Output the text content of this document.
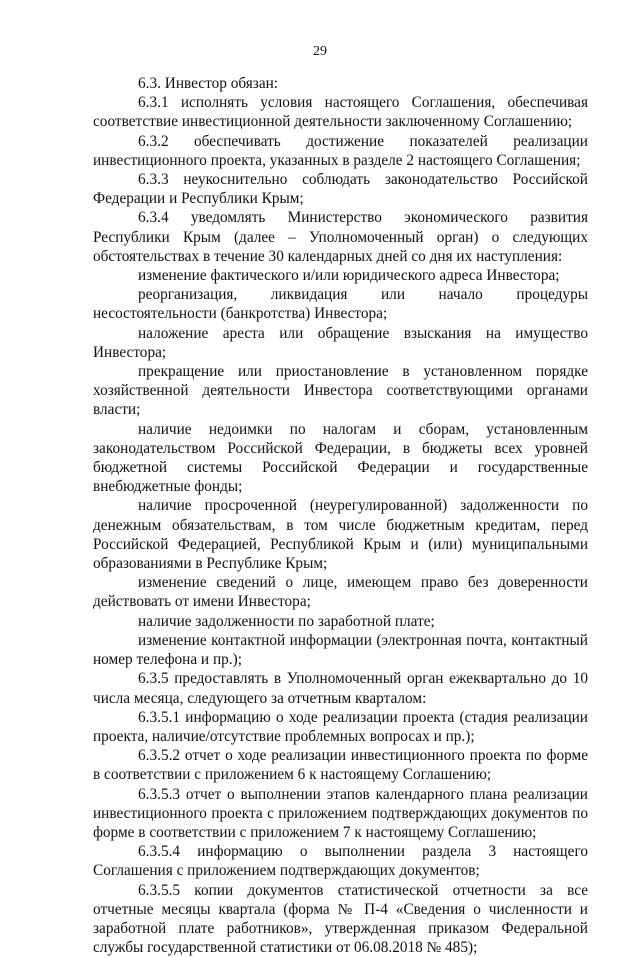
29

6.3. Инвестор обязан:

6.3.1 исполнять условия настоящего Соглашения, обеспечивая соответствие инвестиционной деятельности заключенному Соглашению;

6.3.2 обеспечивать достижение показателей реализации инвестиционного проекта, указанных в разделе 2 настоящего Соглашения;

6.3.3 неукоснительно соблюдать законодательство Российской Федерации и Республики Крым;

6.3.4 уведомлять Министерство экономического развития Республики Крым (далее – Уполномоченный орган) о следующих обстоятельствах в течение 30 календарных дней со дня их наступления:

изменение фактического и/или юридического адреса Инвестора;

реорганизация, ликвидация или начало процедуры несостоятельности (банкротства) Инвестора;

наложение ареста или обращение взыскания на имущество Инвестора;

прекращение или приостановление в установленном порядке хозяйственной деятельности Инвестора соответствующими органами власти;

наличие недоимки по налогам и сборам, установленным законодательством Российской Федерации, в бюджеты всех уровней бюджетной системы Российской Федерации и государственные внебюджетные фонды;

наличие просроченной (неурегулированной) задолженности по денежным обязательствам, в том числе бюджетным кредитам, перед Российской Федерацией, Республикой Крым и (или) муниципальными образованиями в Республике Крым;

изменение сведений о лице, имеющем право без доверенности действовать от имени Инвестора;

наличие задолженности по заработной плате;

изменение контактной информации (электронная почта, контактный номер телефона и пр.);

6.3.5 предоставлять в Уполномоченный орган ежеквартально до 10 числа месяца, следующего за отчетным кварталом:

6.3.5.1 информацию о ходе реализации проекта (стадия реализации проекта, наличие/отсутствие проблемных вопросах и пр.);

6.3.5.2 отчет о ходе реализации инвестиционного проекта по форме в соответствии с приложением 6 к настоящему Соглашению;

6.3.5.3 отчет о выполнении этапов календарного плана реализации инвестиционного проекта с приложением подтверждающих документов по форме в соответствии с приложением 7 к настоящему Соглашению;

6.3.5.4 информацию о выполнении раздела 3 настоящего Соглашения с приложением подтверждающих документов;

6.3.5.5 копии документов статистической отчетности за все отчетные месяцы квартала (форма № П-4 «Сведения о численности и заработной плате работников», утвержденная приказом Федеральной службы государственной статистики от 06.08.2018 № 485);
